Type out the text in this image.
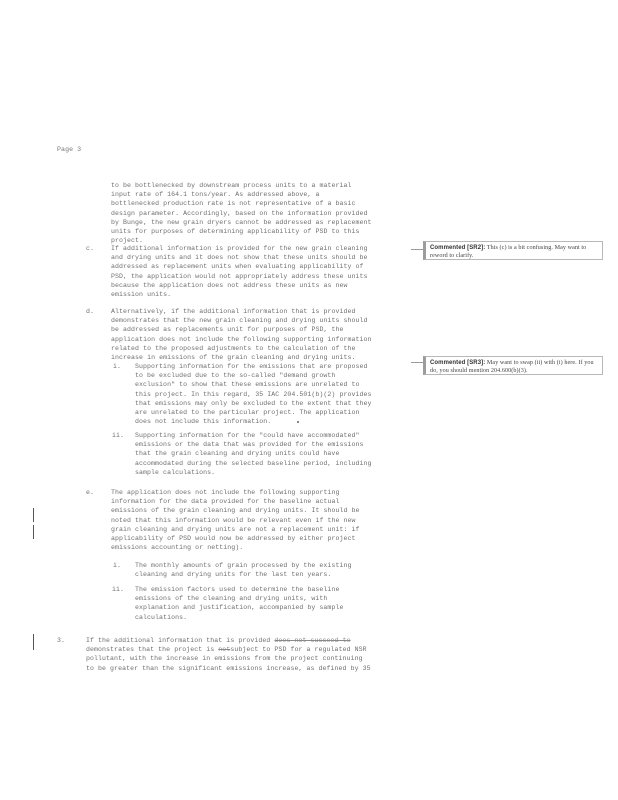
Page 3

to be bottlenecked by downstream process units to a material

input rate of 164.1 tons/year. As addressed above, a

bottlenecked production rate is not representative of a basic

design parameter. Accordingly, based on the information provided

by Bunge, the new grain dryers cannot be addressed as replacement

units for purposes of determining applicability of PSD to this

project.

c.	If additional information is provided for the new grain cleaning

and drying units and it does not show that these units should be

addressed as replacement units when evaluating applicability of

PSD, the application would not appropriately address these units

because the application does not address these units as new

emission units.

d.	Alternatively, if the additional information that is provided

demonstrates that the new grain cleaning and drying units should

be addressed as replacements unit for purposes of PSD, the

application does not include the following supporting information

related to the proposed adjustments to the calculation of the

increase in emissions of the grain cleaning and drying units.

i. Supporting information for the emissions that are proposed

to be excluded due to the so-called "demand growth

exclusion" to show that these emissions are unrelated to

this project. In this regard, 35 IAC 204.501(b)(2) provides

that emissions may only be excluded to the extent that they

are unrelated to the particular project. The application

does not include this information.

ii. Supporting information for the "could have accommodated"

emissions or the data that was provided for the emissions

that the grain cleaning and drying units could have

accommodated during the selected baseline period, including

sample calculations.

e.	The application does not include the following supporting

information for the data provided for the baseline actual

emissions of the grain cleaning and drying units. It should be

noted that this information would be relevant even if the new

grain cleaning and drying units are not a replacement unit: if

applicability of PSD would now be addressed by either project

emissions accounting or netting).

i. The monthly amounts of grain processed by the existing

cleaning and drying units for the last ten years.

ii. The emission factors used to determine the baseline

emissions of the cleaning and drying units, with

explanation and justification, accompanied by sample

calculations.

3.	If the additional information that is provided does not succeed to

demonstrates that the project is notsubject to PSD for a regulated NSR

pollutant, with the increase in emissions from the project continuing

to be greater than the significant emissions increase, as defined by 35

Commented [SR2]: This (c) is a bit confusing. May want to reword to clarify.
Commented [SR3]: May want to swap (ii) with (i) here. If you do, you should mention 204.600(b)(3).
